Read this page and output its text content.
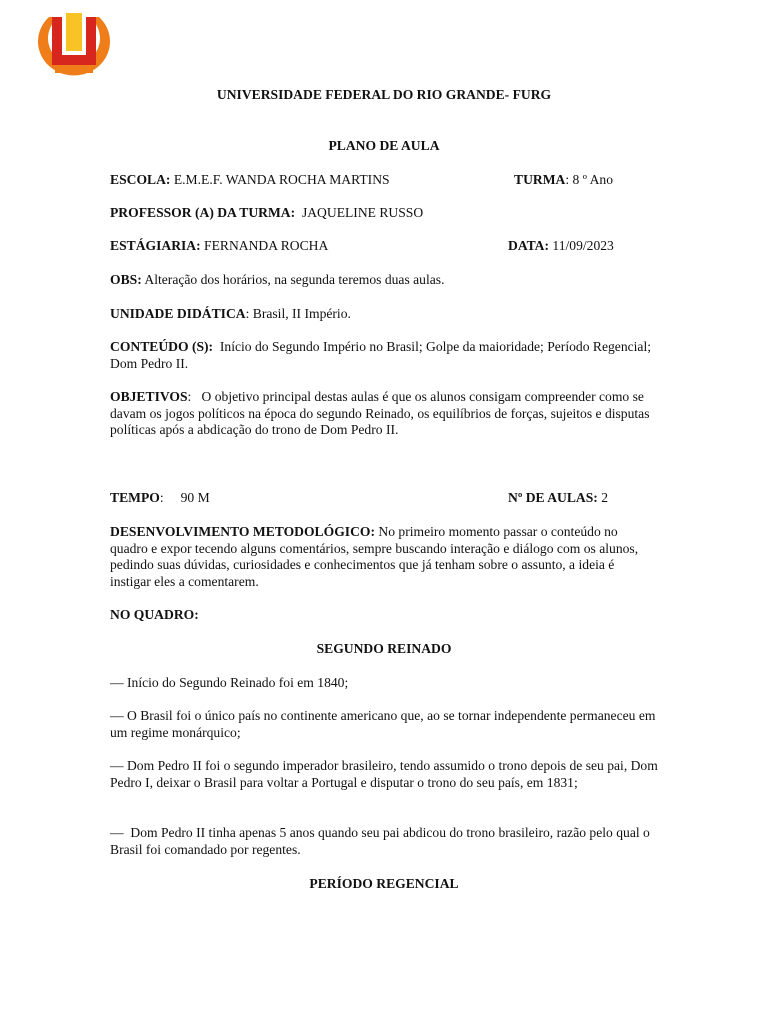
UNIVERSIDADE FEDERAL DO RIO GRANDE- FURG
PLANO DE AULA
ESCOLA: E.M.E.F. WANDA ROCHA MARTINS	TURMA: 8 º Ano
PROFESSOR (A) DA TURMA:  JAQUELINE RUSSO
ESTÁGIARIA: FERNANDA ROCHA	DATA: 11/09/2023
OBS: Alteração dos horários, na segunda teremos duas aulas.
UNIDADE DIDÁTICA: Brasil, II Império.

CONTEÚDO (S):  Início do Segundo Império no Brasil; Golpe da maioridade; Período Regencial; Dom Pedro II.

OBJETIVOS:   O objetivo principal destas aulas é que os alunos consigam compreender como se davam os jogos políticos na época do segundo Reinado, os equilíbrios de forças, sujeitos e disputas políticas após a abdicação do trono de Dom Pedro II.

TEMPO:     90 M	Nº DE AULAS: 2

DESENVOLVIMENTO METODOLÓGICO: No primeiro momento passar o conteúdo no quadro e expor tecendo alguns comentários, sempre buscando interação e diálogo com os alunos, pedindo suas dúvidas, curiosidades e conhecimentos que já tenham sobre o assunto, a ideia é instigar eles a comentarem.

NO QUADRO:
SEGUNDO REINADO

— Início do Segundo Reinado foi em 1840;

— O Brasil foi o único país no continente americano que, ao se tornar independente permaneceu em um regime monárquico;

— Dom Pedro II foi o segundo imperador brasileiro, tendo assumido o trono depois de seu pai, Dom Pedro I, deixar o Brasil para voltar a Portugal e disputar o trono do seu país, em 1831;

—  Dom Pedro II tinha apenas 5 anos quando seu pai abdicou do trono brasileiro, razão pelo qual o Brasil foi comandado por regentes.

PERÍODO REGENCIAL
